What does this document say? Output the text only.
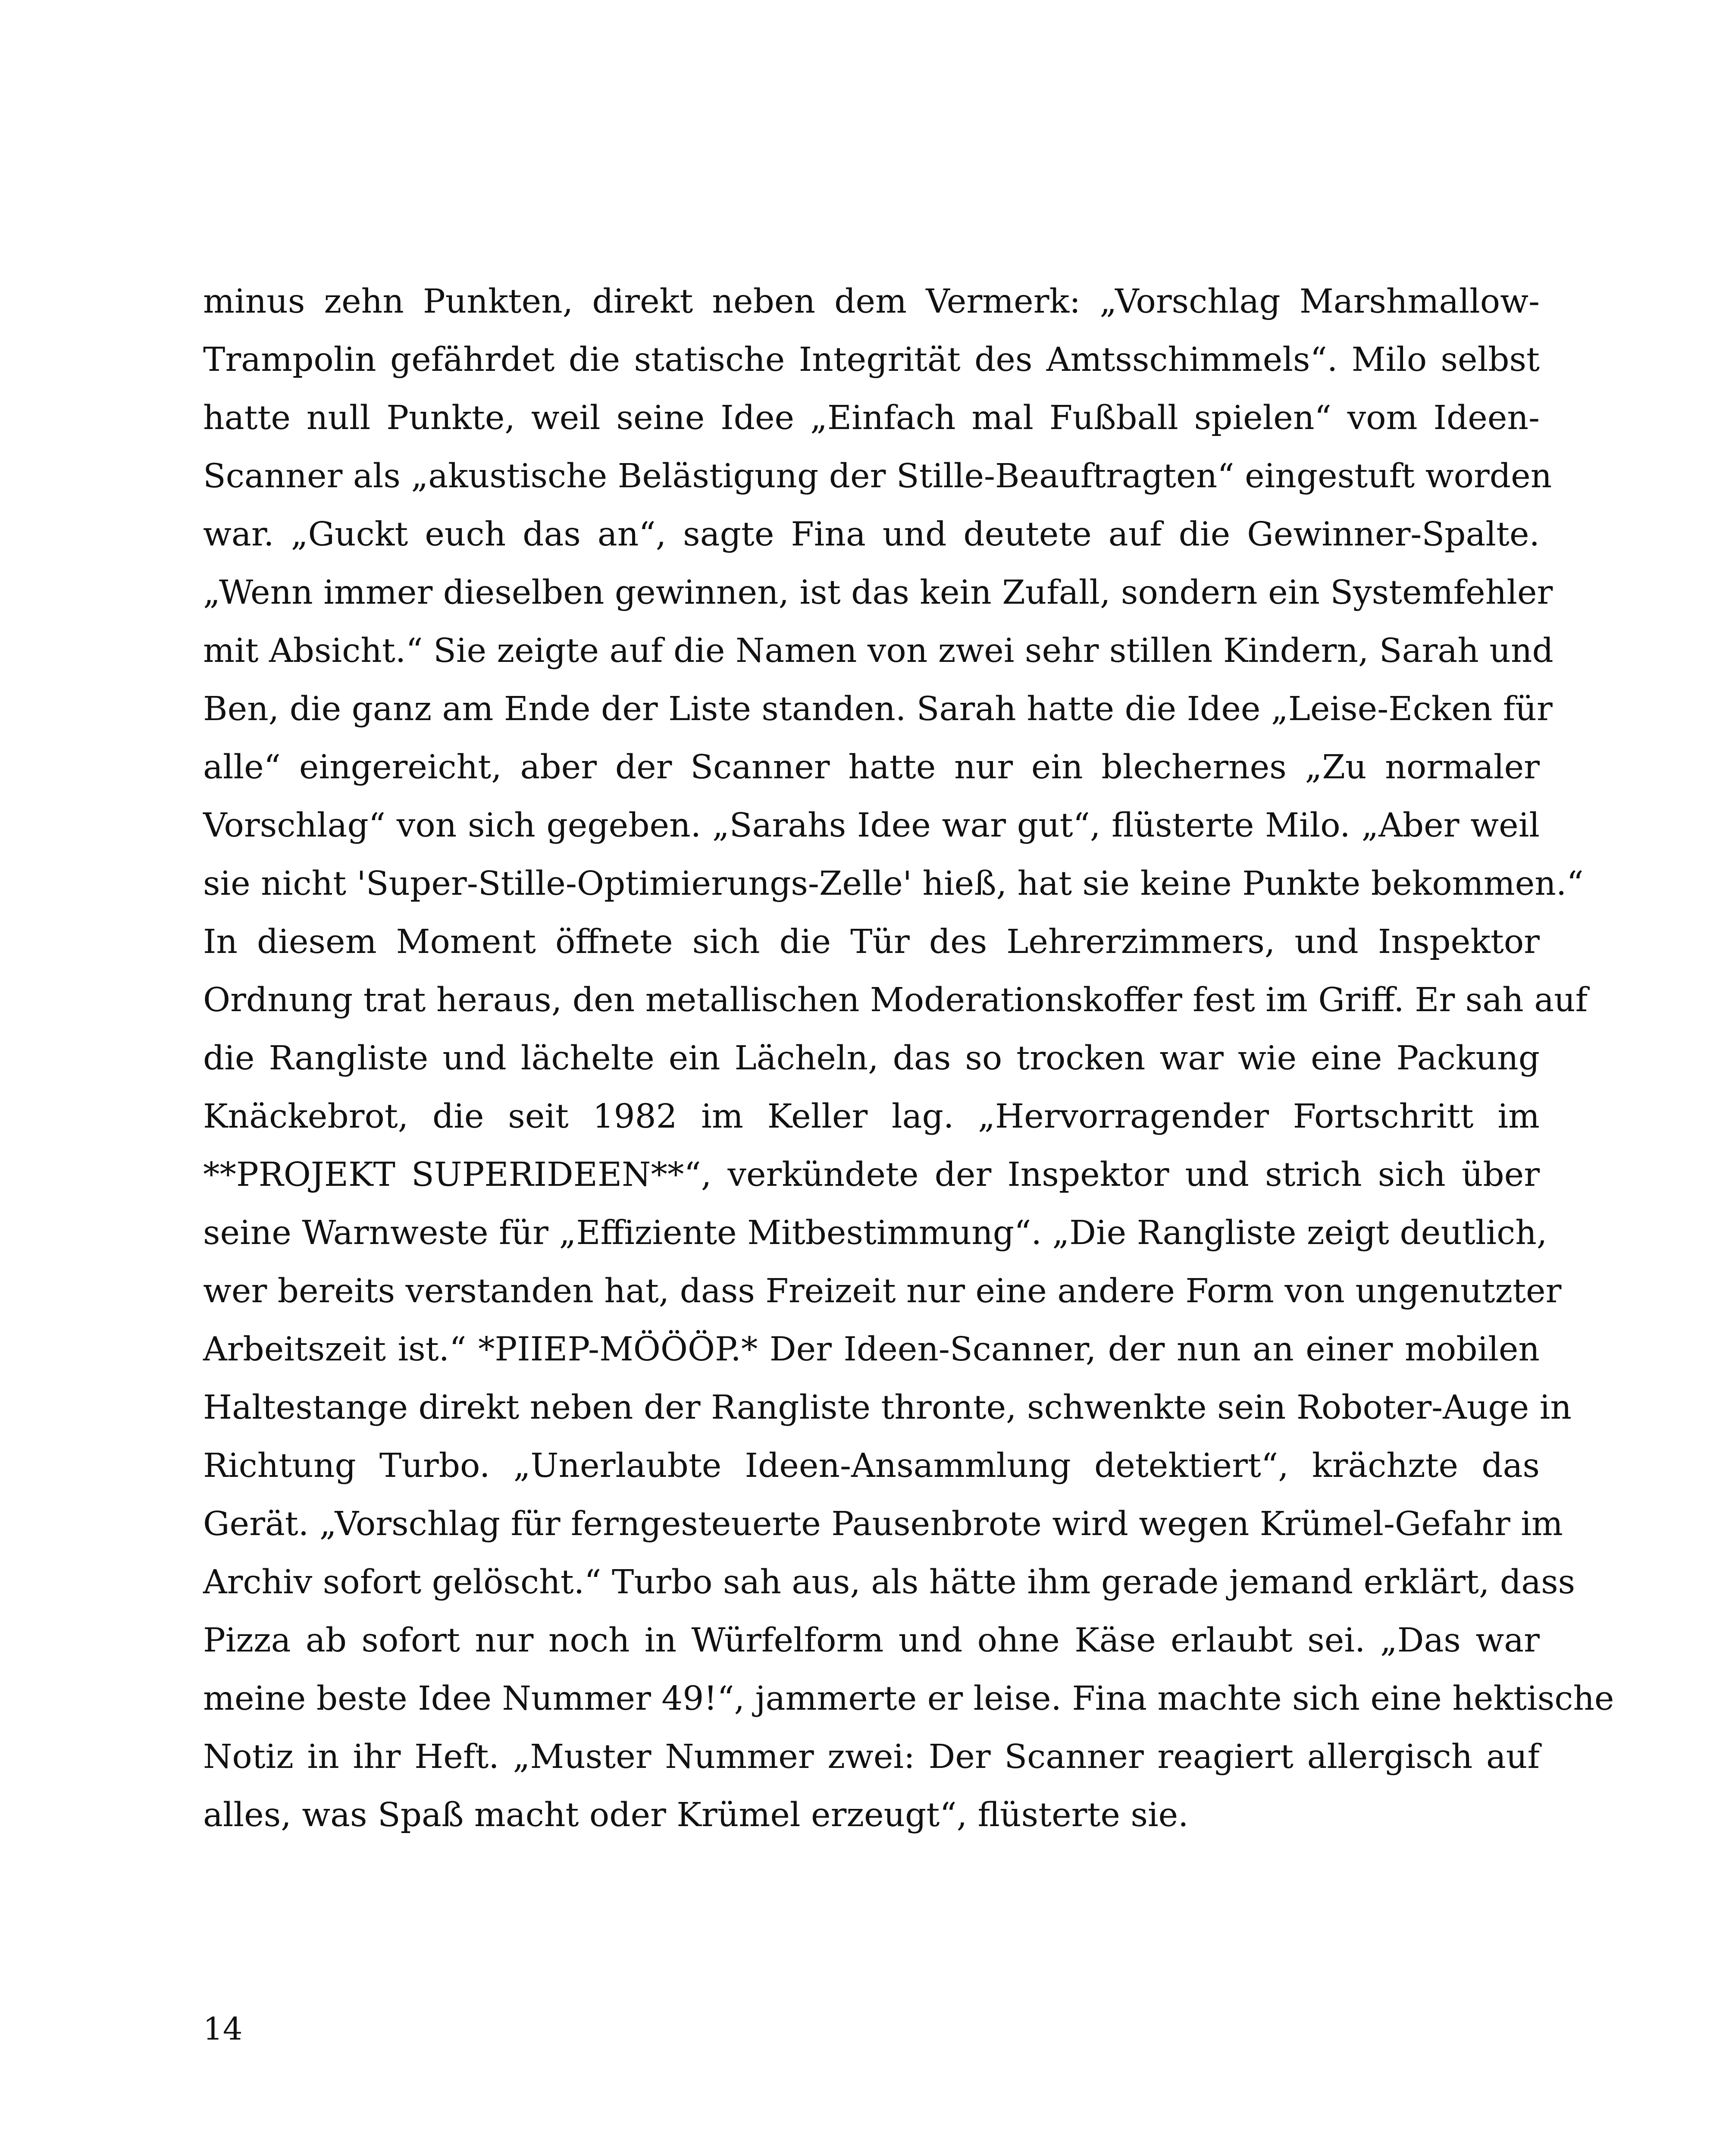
minus zehn Punkten, direkt neben dem Vermerk: „Vorschlag Marshmallow-
Trampolin gefährdet die statische Integrität des Amtsschimmels“. Milo selbst
hatte null Punkte, weil seine Idee „Einfach mal Fußball spielen“ vom Ideen-
Scanner als „akustische Belästigung der Stille-Beauftragten“ eingestuft worden
war. „Guckt euch das an“, sagte Fina und deutete auf die Gewinner-Spalte.
„Wenn immer dieselben gewinnen, ist das kein Zufall, sondern ein Systemfehler
mit Absicht.“ Sie zeigte auf die Namen von zwei sehr stillen Kindern, Sarah und
Ben, die ganz am Ende der Liste standen. Sarah hatte die Idee „Leise-Ecken für
alle“ eingereicht, aber der Scanner hatte nur ein blechernes „Zu normaler
Vorschlag“ von sich gegeben. „Sarahs Idee war gut“, flüsterte Milo. „Aber weil
sie nicht 'Super-Stille-Optimierungs-Zelle' hieß, hat sie keine Punkte bekommen.“
In diesem Moment öffnete sich die Tür des Lehrerzimmers, und Inspektor
Ordnung trat heraus, den metallischen Moderationskoffer fest im Griff. Er sah auf
die Rangliste und lächelte ein Lächeln, das so trocken war wie eine Packung
Knäckebrot, die seit 1982 im Keller lag. „Hervorragender Fortschritt im
**PROJEKT SUPERIDEEN**“, verkündete der Inspektor und strich sich über
seine Warnweste für „Effiziente Mitbestimmung“. „Die Rangliste zeigt deutlich,
wer bereits verstanden hat, dass Freizeit nur eine andere Form von ungenutzter
Arbeitszeit ist.“ *PIIEP-MÖÖÖP.* Der Ideen-Scanner, der nun an einer mobilen
Haltestange direkt neben der Rangliste thronte, schwenkte sein Roboter-Auge in
Richtung Turbo. „Unerlaubte Ideen-Ansammlung detektiert“, krächzte das
Gerät. „Vorschlag für ferngesteuerte Pausenbrote wird wegen Krümel-Gefahr im
Archiv sofort gelöscht.“ Turbo sah aus, als hätte ihm gerade jemand erklärt, dass
Pizza ab sofort nur noch in Würfelform und ohne Käse erlaubt sei. „Das war
meine beste Idee Nummer 49!“, jammerte er leise. Fina machte sich eine hektische
Notiz in ihr Heft. „Muster Nummer zwei: Der Scanner reagiert allergisch auf
alles, was Spaß macht oder Krümel erzeugt“, flüsterte sie.
14
